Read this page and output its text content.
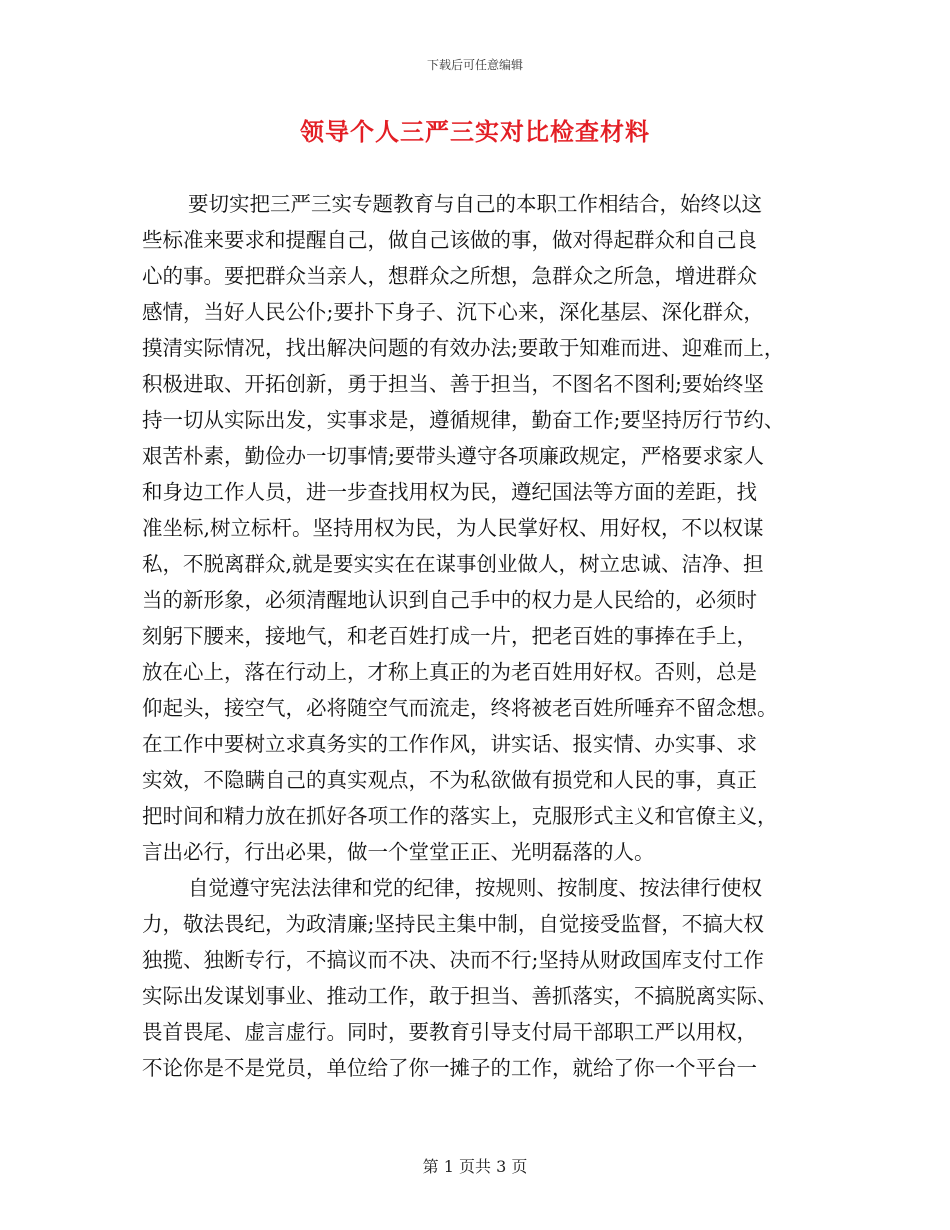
下载后可任意编辑
领导个人三严三实对比检查材料
要切实把三严三实专题教育与自己的本职工作相结合，始终以这
些标准来要求和提醒自己，做自己该做的事，做对得起群众和自己良
心的事。要把群众当亲人，想群众之所想，急群众之所急，增进群众
感情，当好人民公仆;要扑下身子、沉下心来，深化基层、深化群众，
摸清实际情况，找出解决问题的有效办法;要敢于知难而进、迎难而上，
积极进取、开拓创新，勇于担当、善于担当，不图名不图利;要始终坚
持一切从实际出发，实事求是，遵循规律，勤奋工作;要坚持厉行节约、
艰苦朴素，勤俭办一切事情;要带头遵守各项廉政规定，严格要求家人
和身边工作人员，进一步查找用权为民，遵纪国法等方面的差距，找
准坐标,树立标杆。坚持用权为民，为人民掌好权、用好权，不以权谋
私，不脱离群众,就是要实实在在谋事创业做人，树立忠诚、洁净、担
当的新形象，必须清醒地认识到自己手中的权力是人民给的，必须时
刻躬下腰来，接地气，和老百姓打成一片，把老百姓的事捧在手上，
放在心上，落在行动上，才称上真正的为老百姓用好权。否则，总是
仰起头，接空气，必将随空气而流走，终将被老百姓所唾弃不留念想。
在工作中要树立求真务实的工作作风，讲实话、报实情、办实事、求
实效，不隐瞒自己的真实观点，不为私欲做有损党和人民的事，真正
把时间和精力放在抓好各项工作的落实上，克服形式主义和官僚主义，
言出必行，行出必果，做一个堂堂正正、光明磊落的人。
自觉遵守宪法法律和党的纪律，按规则、按制度、按法律行使权
力，敬法畏纪，为政清廉;坚持民主集中制，自觉接受监督，不搞大权
独揽、独断专行，不搞议而不决、决而不行;坚持从财政国库支付工作
实际出发谋划事业、推动工作，敢于担当、善抓落实，不搞脱离实际、
畏首畏尾、虚言虚行。同时，要教育引导支付局干部职工严以用权，
不论你是不是党员，单位给了你一摊子的工作，就给了你一个平台一
第 1 页共 3 页
